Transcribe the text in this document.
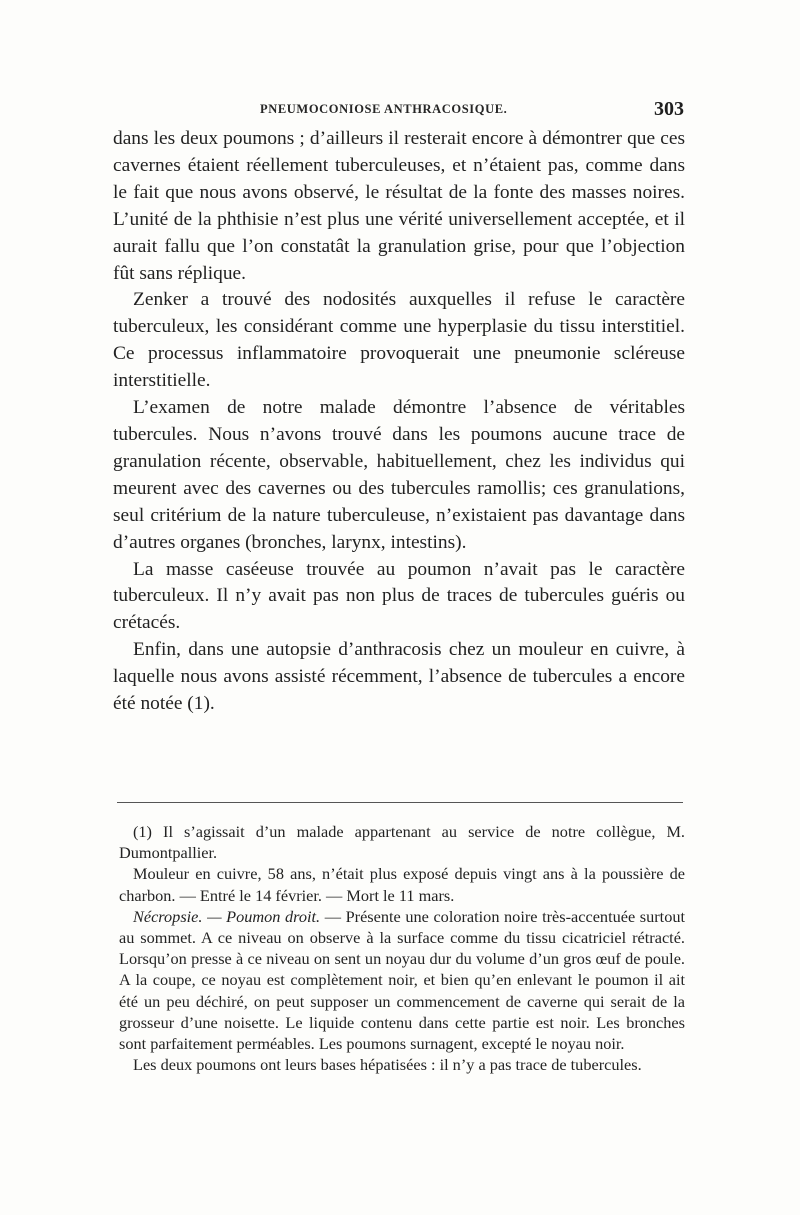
PNEUMOCONIOSE ANTHRACOSIQUE.	303

dans les deux poumons ; d’ailleurs il resterait encore à démontrer que ces cavernes étaient réellement tuberculeuses, et n’étaient pas, comme dans le fait que nous avons observé, le résultat de la fonte des masses noires. L’unité de la phthisie n’est plus une vérité universellement acceptée, et il aurait fallu que l’on constatât la granulation grise, pour que l’objection fût sans réplique.

Zenker a trouvé des nodosités auxquelles il refuse le caractère tuberculeux, les considérant comme une hyperplasie du tissu interstitiel. Ce processus inflammatoire provoquerait une pneumonie scléreuse interstitielle.

L’examen de notre malade démontre l’absence de véritables tubercules. Nous n’avons trouvé dans les poumons aucune trace de granulation récente, observable, habituellement, chez les individus qui meurent avec des cavernes ou des tubercules ramollis; ces granulations, seul critérium de la nature tuberculeuse, n’existaient pas davantage dans d’autres organes (bronches, larynx, intestins).

La masse caséeuse trouvée au poumon n’avait pas le caractère tuberculeux. Il n’y avait pas non plus de traces de tubercules guéris ou crétacés.

Enfin, dans une autopsie d’anthracosis chez un mouleur en cuivre, à laquelle nous avons assisté récemment, l’absence de tubercules a encore été notée (1).

(1) Il s’agissait d’un malade appartenant au service de notre collègue, M. Dumontpallier.

Mouleur en cuivre, 58 ans, n’était plus exposé depuis vingt ans à la poussière de charbon. — Entré le 14 février. — Mort le 11 mars.

Nécropsie. — Poumon droit. — Présente une coloration noire très-accentuée surtout au sommet. A ce niveau on observe à la surface comme du tissu cicatriciel rétracté. Lorsqu’on presse à ce niveau on sent un noyau dur du volume d’un gros œuf de poule. A la coupe, ce noyau est complètement noir, et bien qu’en enlevant le poumon il ait été un peu déchiré, on peut supposer un commencement de caverne qui serait de la grosseur d’une noisette. Le liquide contenu dans cette partie est noir. Les bronches sont parfaitement perméables. Les poumons surnagent, excepté le noyau noir.

Les deux poumons ont leurs bases hépatisées : il n’y a pas trace de tubercules.
